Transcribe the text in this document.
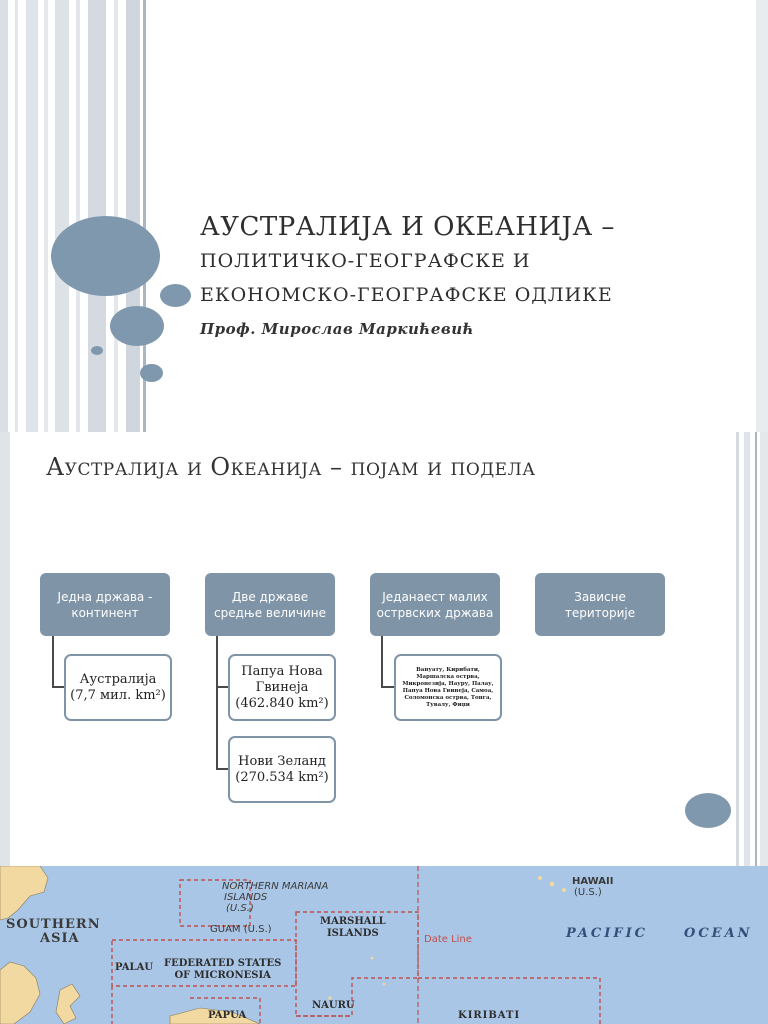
АУСТРАЛИЈА И ОКЕАНИЈА –
ПОЛИТИЧКО-ГЕОГРАФСКЕ И
ЕКОНОМСКО-ГЕОГРАФСКЕ ОДЛИКЕ
Проф. Мирослав Маркићевић
Аустралија и Океанија – појам и подела
Једна држава - континент
Две државе средње величине
Једанаест малих острвских држава
Зависне територије
Аустралија
(7,7 мил. km²)
Папуа Нова Гвинеја
(462.840 km²)
Нови Зеланд
(270.534 km²)
Вануату, Кирибати, Маршалска острва, Микронезија, Науру, Палау, Папуа Нова Гвинеја, Самоа, Соломонска острва, Тонга, Тувалу, Фиџи
SOUTHERN
ASIA
NORTHERN MARIANA
ISLANDS
(U.S.)
GUAM (U.S.)
MARSHALL
ISLANDS
Date Line
HAWAII
(U.S.)
PACIFIC	OCEAN
PALAU FEDERATED STATES
OF MICRONESIA
NAURU
PAPUA	KIRIBATI
